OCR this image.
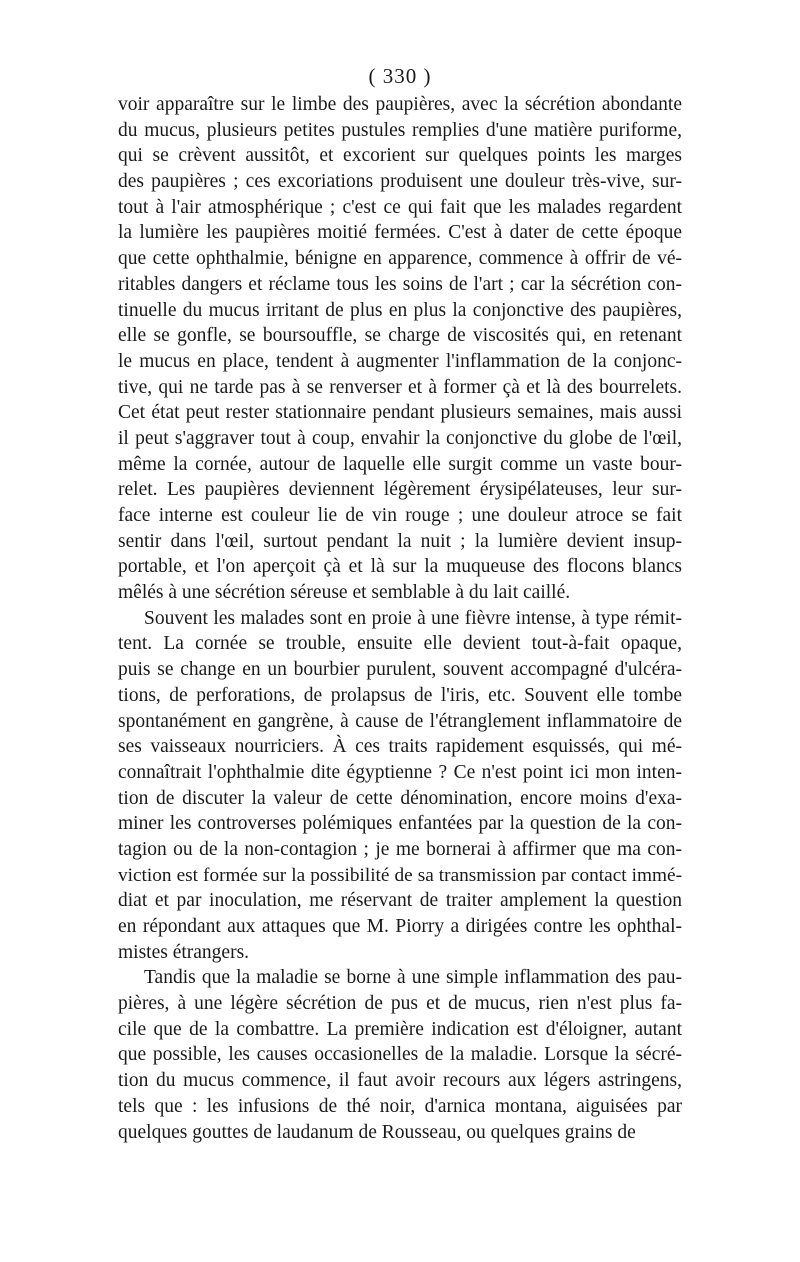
( 330 )
voir apparaître sur le limbe des paupières, avec la sécrétion abondante
du mucus, plusieurs petites pustules remplies d'une matière puriforme,
qui se crèvent aussitôt, et excorient sur quelques points les marges
des paupières ; ces excoriations produisent une douleur très-vive, sur-
tout à l'air atmosphérique ; c'est ce qui fait que les malades regardent
la lumière les paupières moitié fermées. C'est à dater de cette époque
que cette ophthalmie, bénigne en apparence, commence à offrir de vé-
ritables dangers et réclame tous les soins de l'art ; car la sécrétion con-
tinuelle du mucus irritant de plus en plus la conjonctive des paupières,
elle se gonfle, se boursouffle, se charge de viscosités qui, en retenant
le mucus en place, tendent à augmenter l'inflammation de la conjonc-
tive, qui ne tarde pas à se renverser et à former çà et là des bourrelets.
Cet état peut rester stationnaire pendant plusieurs semaines, mais aussi
il peut s'aggraver tout à coup, envahir la conjonctive du globe de l'œil,
même la cornée, autour de laquelle elle surgit comme un vaste bour-
relet. Les paupières deviennent légèrement érysipélateuses, leur sur-
face interne est couleur lie de vin rouge ; une douleur atroce se fait
sentir dans l'œil, surtout pendant la nuit ; la lumière devient insup-
portable, et l'on aperçoit çà et là sur la muqueuse des flocons blancs
mêlés à une sécrétion séreuse et semblable à du lait caillé.
Souvent les malades sont en proie à une fièvre intense, à type rémit-
tent. La cornée se trouble, ensuite elle devient tout-à-fait opaque,
puis se change en un bourbier purulent, souvent accompagné d'ulcéra-
tions, de perforations, de prolapsus de l'iris, etc. Souvent elle tombe
spontanément en gangrène, à cause de l'étranglement inflammatoire de
ses vaisseaux nourriciers. À ces traits rapidement esquissés, qui mé-
connaîtrait l'ophthalmie dite égyptienne ? Ce n'est point ici mon inten-
tion de discuter la valeur de cette dénomination, encore moins d'exa-
miner les controverses polémiques enfantées par la question de la con-
tagion ou de la non-contagion ; je me bornerai à affirmer que ma con-
viction est formée sur la possibilité de sa transmission par contact immé-
diat et par inoculation, me réservant de traiter amplement la question
en répondant aux attaques que M. Piorry a dirigées contre les ophthal-
mistes étrangers.
Tandis que la maladie se borne à une simple inflammation des pau-
pières, à une légère sécrétion de pus et de mucus, rien n'est plus fa-
cile que de la combattre. La première indication est d'éloigner, autant
que possible, les causes occasionelles de la maladie. Lorsque la sécré-
tion du mucus commence, il faut avoir recours aux légers astringens,
tels que : les infusions de thé noir, d'arnica montana, aiguisées par
quelques gouttes de laudanum de Rousseau, ou quelques grains de
